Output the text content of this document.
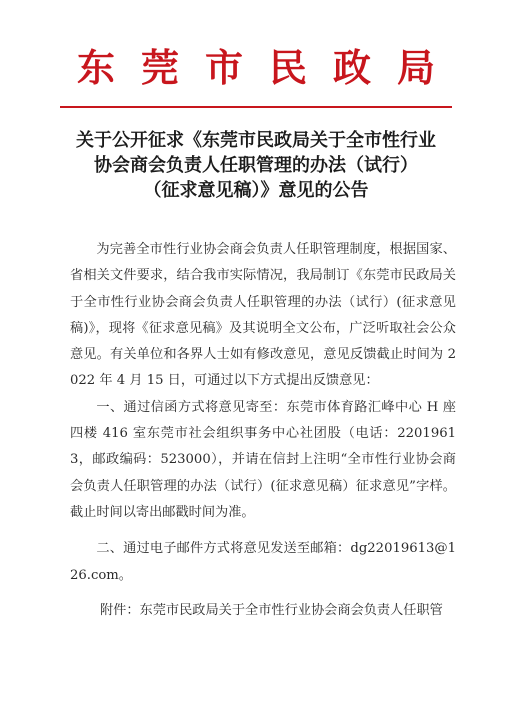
东莞市民政局
关于公开征求《东莞市民政局关于全市性行业
协会商会负责人任职管理的办法（试行）
（征求意见稿）》意见的公告

为完善全市性行业协会商会负责人任职管理制度，根据国家、省相关文件要求，结合我市实际情况，我局制订《东莞市民政局关于全市性行业协会商会负责人任职管理的办法（试行）(征求意见稿)》，现将《征求意见稿》及其说明全文公布，广泛听取社会公众意见。有关单位和各界人士如有修改意见，意见反馈截止时间为 2022 年 4 月 15 日，可通过以下方式提出反馈意见：

一、通过信函方式将意见寄至：东莞市体育路汇峰中心 H 座四楼 416 室东莞市社会组织事务中心社团股（电话：22019613，邮政编码：523000），并请在信封上注明“全市性行业协会商会负责人任职管理的办法（试行）(征求意见稿）征求意见”字样。截止时间以寄出邮戳时间为准。

二、通过电子邮件方式将意见发送至邮箱：dg22019613@126.com。

附件：东莞市民政局关于全市性行业协会商会负责人任职管
